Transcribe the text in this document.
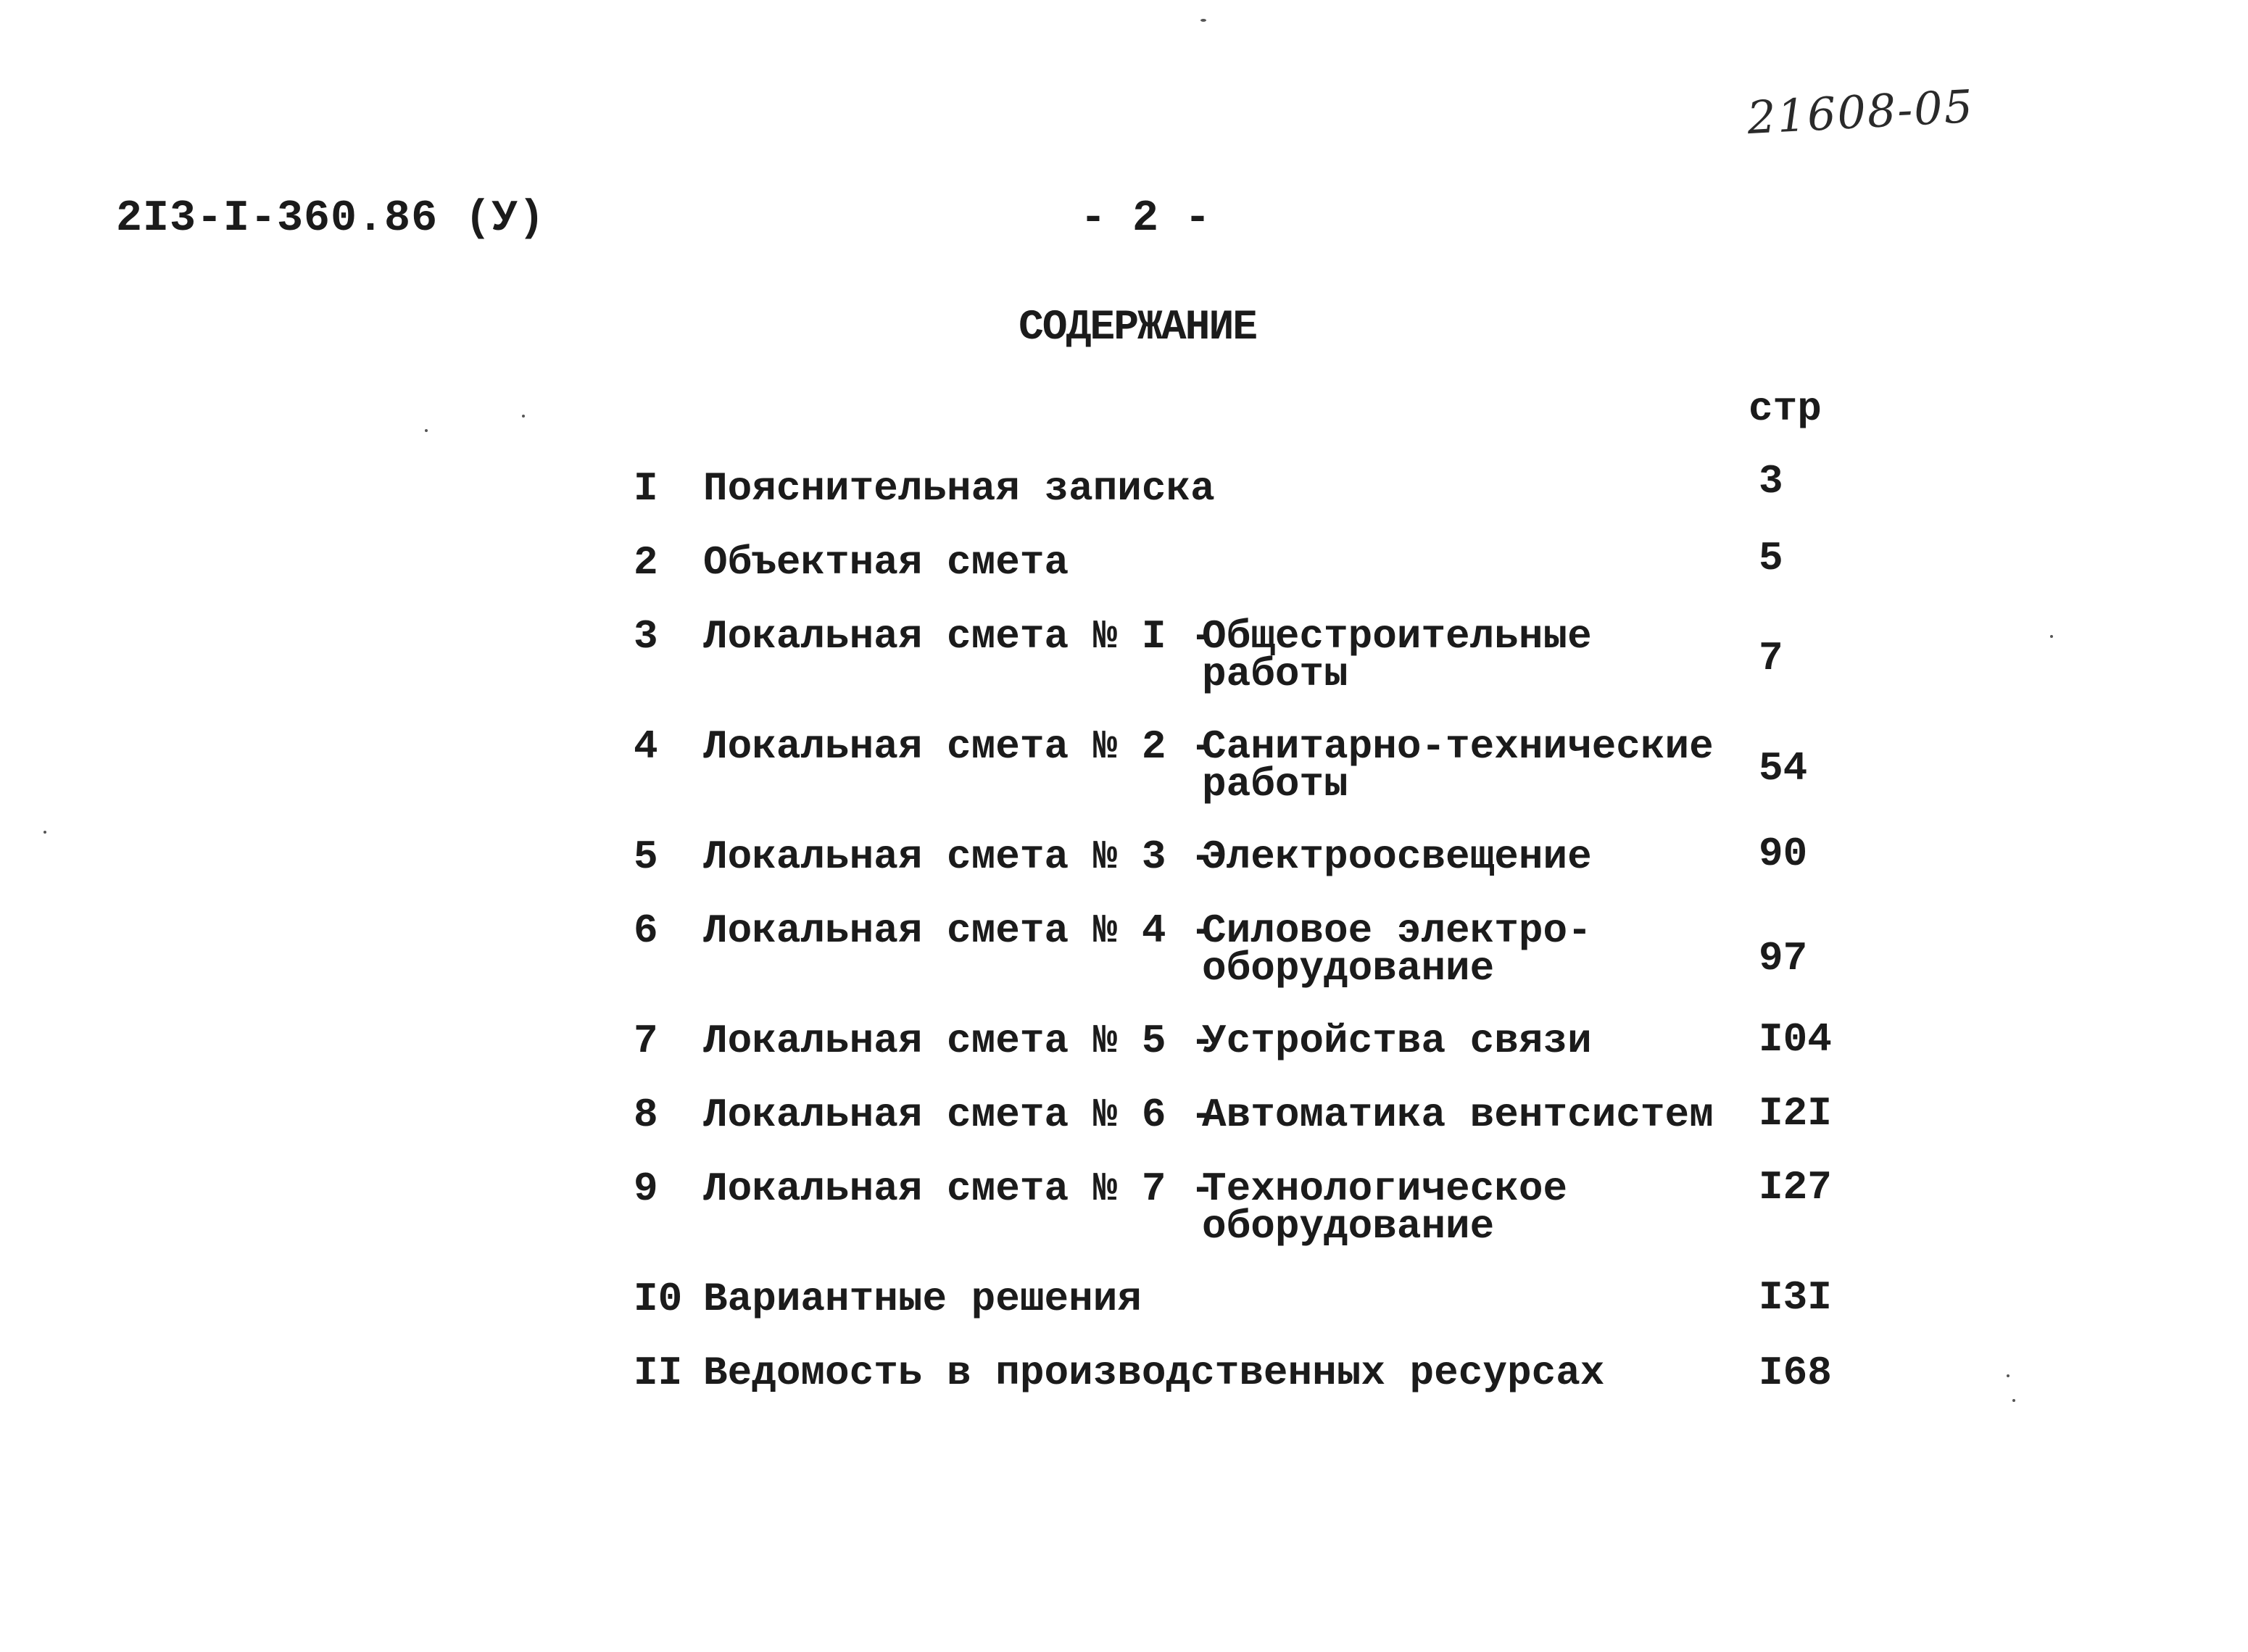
21608-05
2I3-I-360.86 (У)	- 2 -
СОДЕРЖАНИЕ
стр
I	Пояснительная записка	3
2	Объектная смета	5
3	Локальная смета № I -
Общестроительные
работы	7
4	Локальная смета № 2 -
Санитарно-технические
работы	54
5	Локальная смета № 3 -
Электроосвещение	90
6	Локальная смета № 4 -
Силовое электро-
оборудование	97
7	Локальная смета № 5 -
Устройства связи	I04
8	Локальная смета № 6 -
Автоматика вентсистем I2I
9	Локальная смета № 7 -
Технологическое
оборудование
I27
I0 Вариантные решения	I3I
II Ведомость в производственных ресурсах	I68
